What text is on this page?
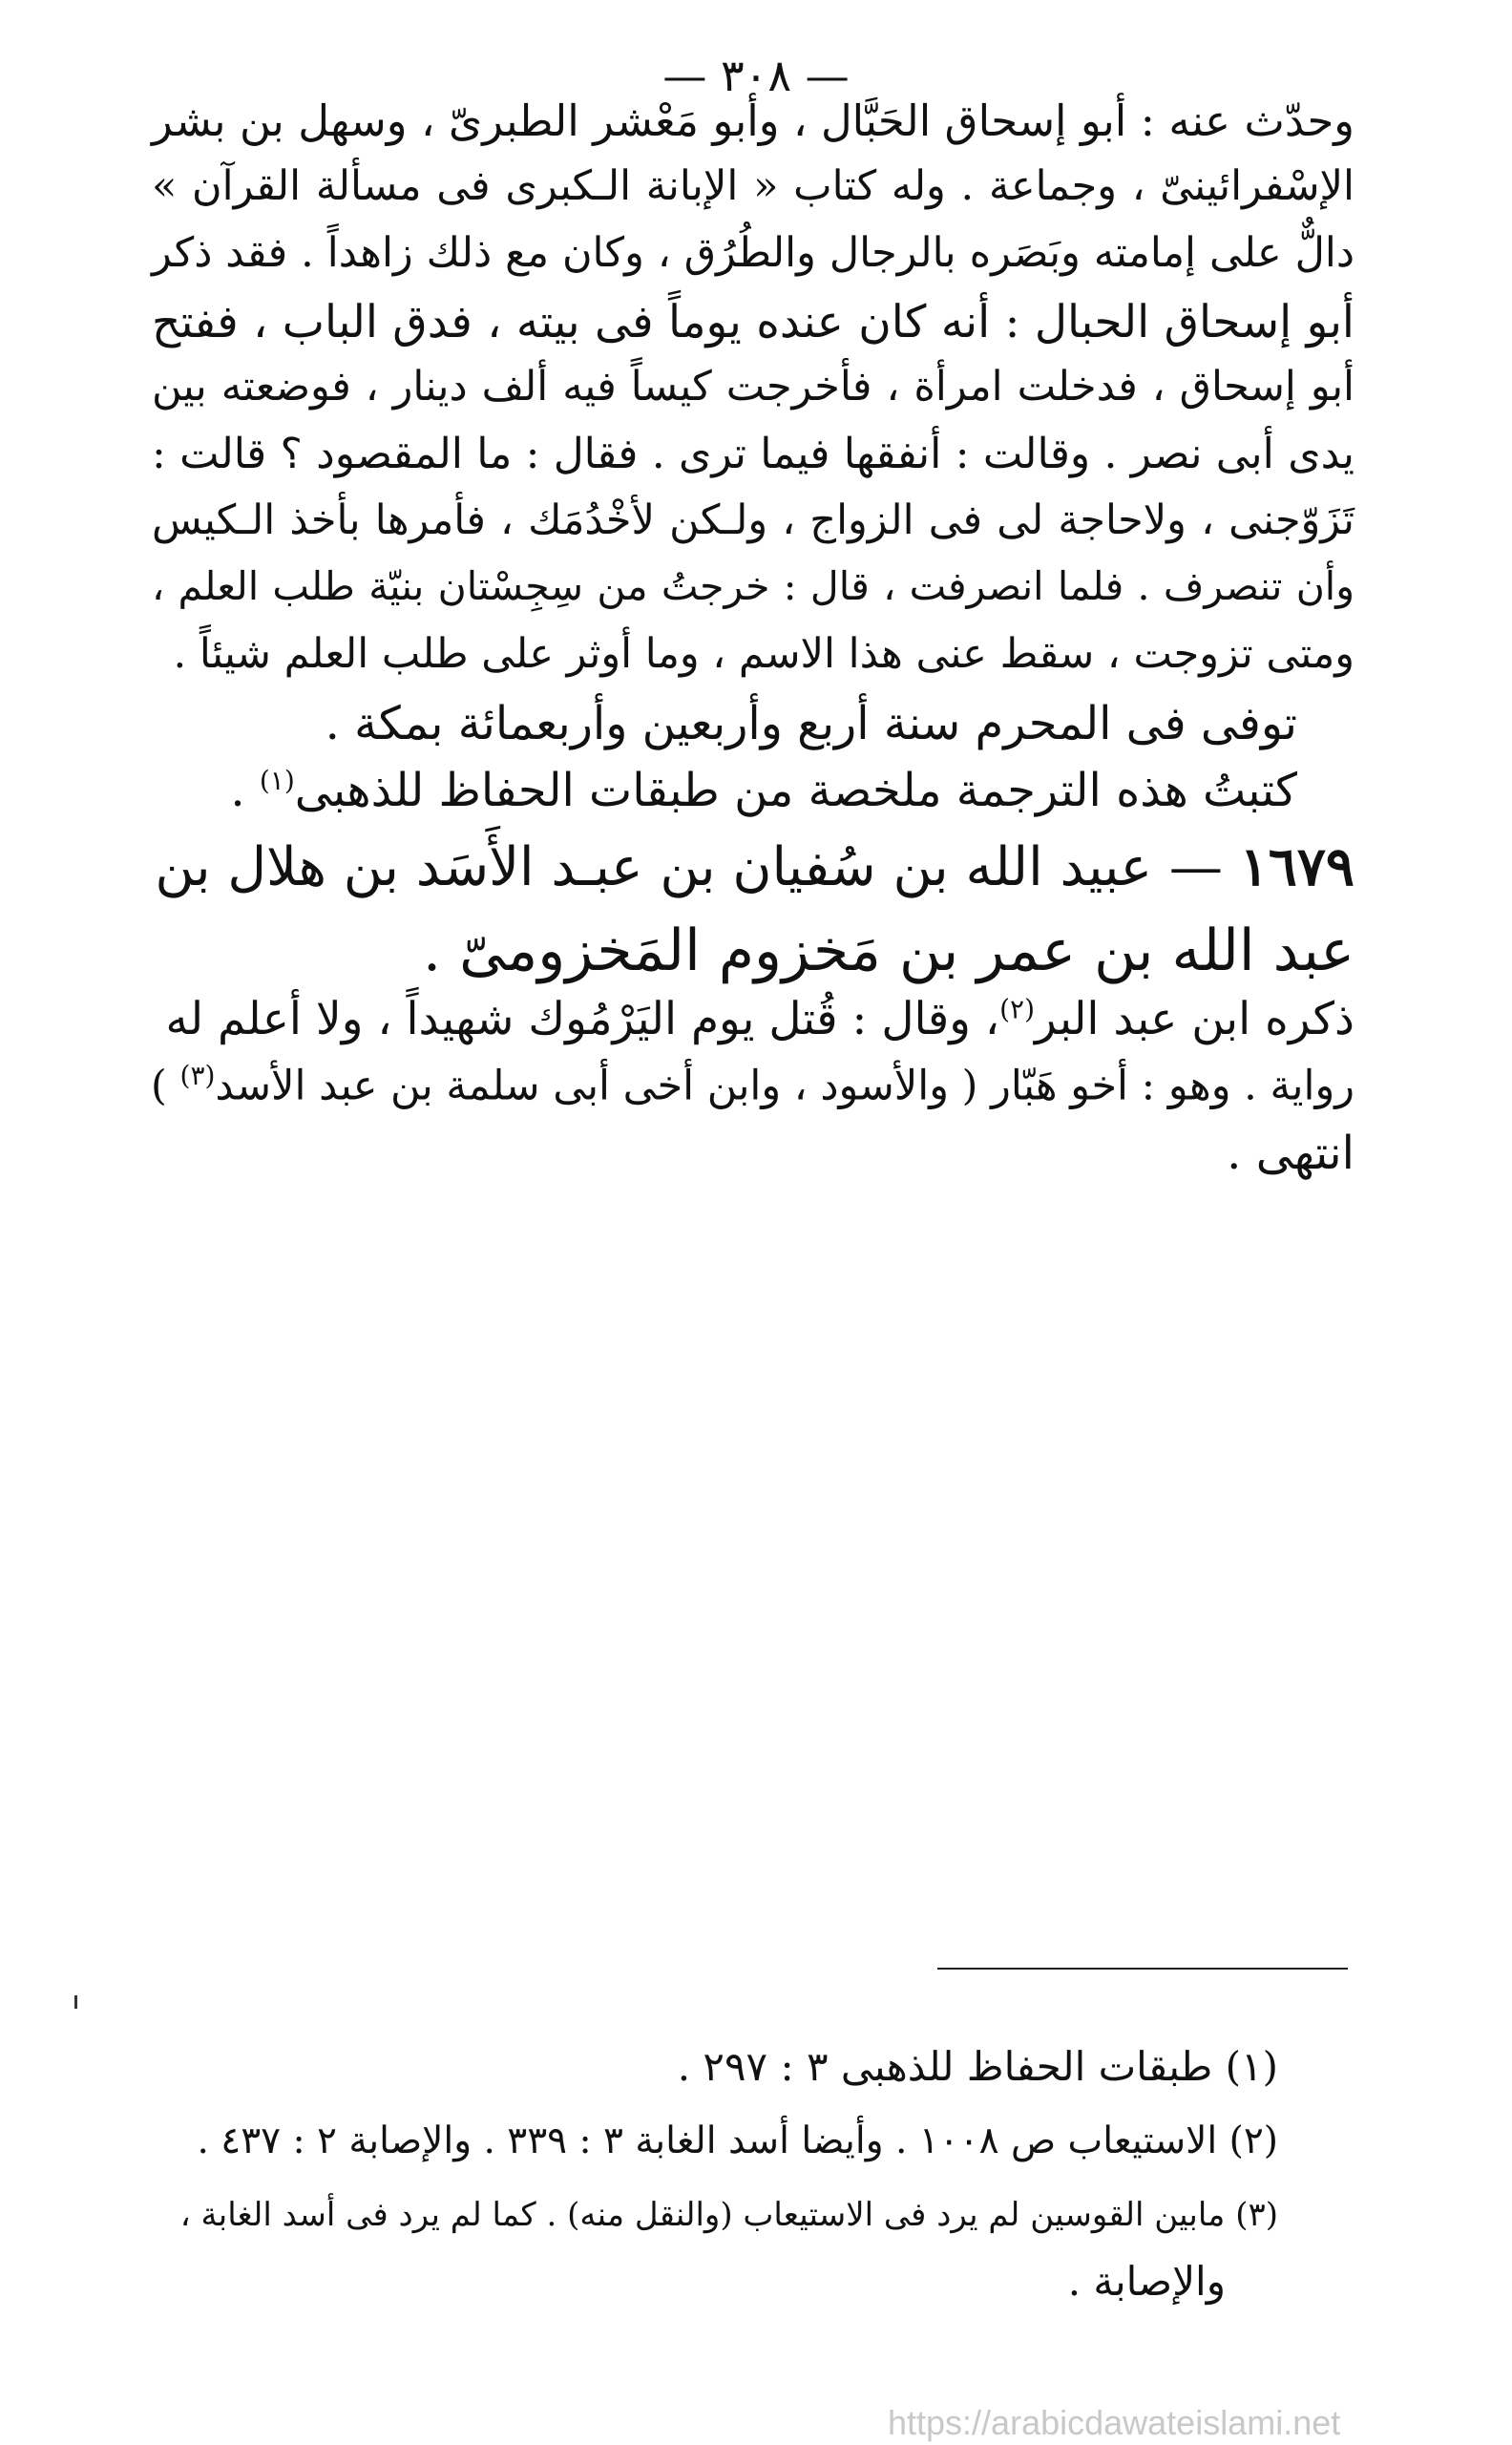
— ٣٠٨ —
وحدّث عنه : أبو إسحاق الحَبَّال ، وأبو مَعْشر الطبرىّ ، وسهل بن بشر
الإسْفرائينىّ ، وجماعة . وله كتاب « الإبانة الـكبرى فى مسألة القرآن »
دالٌّ على إمامته وبَصَره بالرجال والطُرُق ، وكان مع ذلك زاهداً . فقد ذكر
أبو إسحاق الحبال : أنه كان عنده يوماً فى بيته ، فدق الباب ، ففتح
أبو إسحاق ، فدخلت امرأة ، فأخرجت كيساً فيه ألف دينار ، فوضعته بين
يدى أبى نصر . وقالت : أنفقها فيما ترى . فقال : ما المقصود ؟ قالت :
تَزَوّجنى ، ولاحاجة لى فى الزواج ، ولـكن لأخْدُمَك ، فأمرها بأخذ الـكيس
وأن تنصرف . فلما انصرفت ، قال : خرجتُ من سِجِسْتان بنيّة طلب العلم ،
ومتى تزوجت ، سقط عنى هذا الاسم ، وما أوثر على طلب العلم شيئاً .
توفى فى المحرم سنة أربع وأربعين وأربعمائة بمكة .
كتبتُ هذه الترجمة ملخصة من طبقات الحفاظ للذهبى$^{(١)}$ .
١٦٧٩ — عبيد الله بن سُفيان بن عبـد الأَسَد بن هلال بن
عبد الله بن عمر بن مَخزوم المَخزومىّ .
ذكره ابن عبد البر$^{(٢)}$، وقال : قُتل يوم اليَرْمُوك شهيداً ، ولا أعلم له
رواية . وهو : أخو هَبّار ( والأسود ، وابن أخى أبى سلمة بن عبد الأسد$^{(٣)}$ )
انتهى .
(١) طبقات الحفاظ للذهبى ٣ : ٢٩٧ .
(٢) الاستيعاب ص ١٠٠٨ . وأيضا أسد الغابة ٣ : ٣٣٩ . والإصابة ٢ : ٤٣٧ .
(٣) مابين القوسين لم يرد فى الاستيعاب (والنقل منه) . كما لم يرد فى أسد الغابة ،
والإصابة .
https://arabicdawateislami.net
